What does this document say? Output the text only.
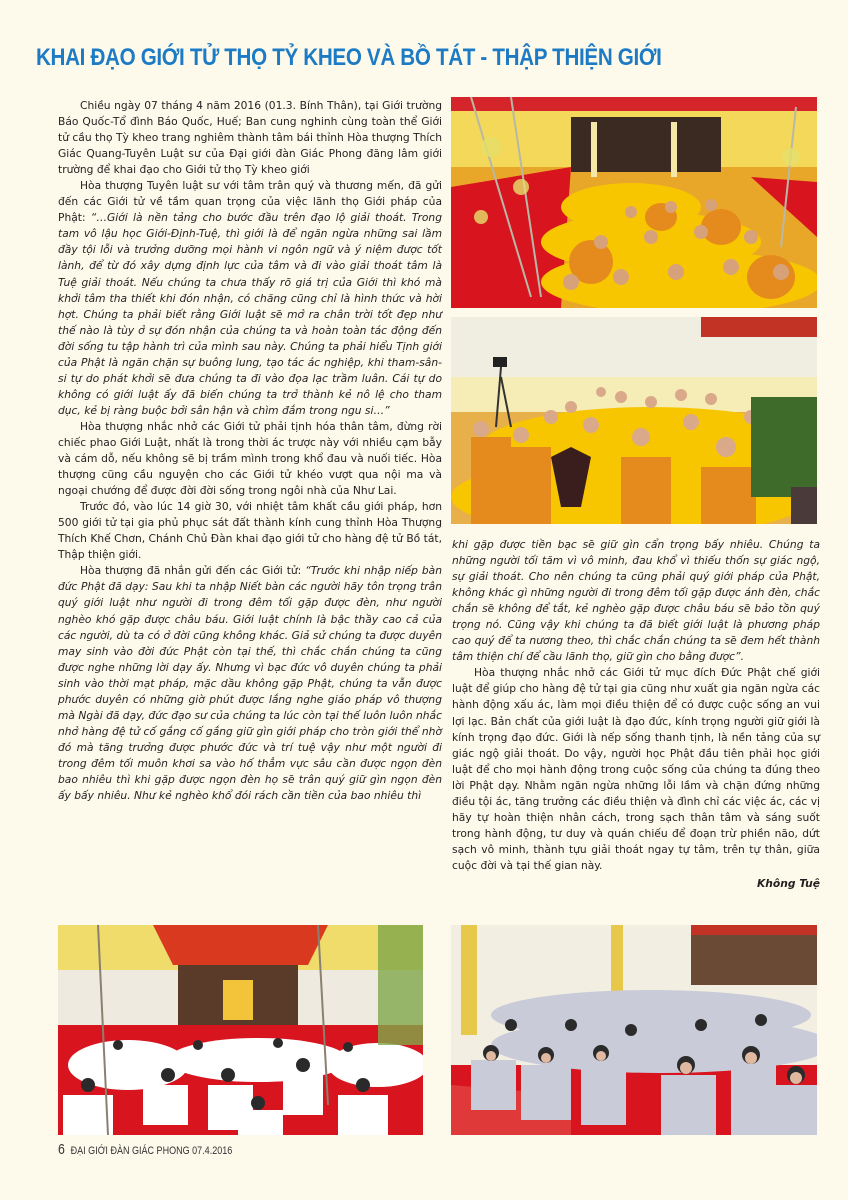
KHAI ĐẠO GIỚI TỬ THỌ TỶ KHEO VÀ BỒ TÁT - THẬP THIỆN GIỚI

Chiều ngày 07 tháng 4 năm 2016 (01.3. Bính Thân), tại Giới trường Báo Quốc-Tổ đình Báo Quốc, Huế; Ban cung nghinh cùng toàn thể Giới tử cầu thọ Tỳ kheo trang nghiêm thành tâm bái thỉnh Hòa thượng Thích Giác Quang-Tuyên Luật sư của Đại giới đàn Giác Phong đăng lâm giới trường để khai đạo cho Giới tử thọ Tỳ kheo giới

Hòa thượng Tuyên luật sư với tâm trân quý và thương mến, đã gửi đến các Giới tử về tầm quan trọng của việc lãnh thọ Giới pháp của Phật: “…Giới là nền tảng cho bước đầu trên đạo lộ giải thoát. Trong tam vô lậu học Giới-Định-Tuệ, thì giới là để ngăn ngừa những sai lầm đầy tội lỗi và trưởng dưỡng mọi hành vi ngôn ngữ và ý niệm được tốt lành, để từ đó xây dựng định lực của tâm và đi vào giải thoát tâm là Tuệ giải thoát. Nếu chúng ta chưa thấy rõ giá trị của Giới thì khó mà khởi tâm tha thiết khi đón nhận, có chăng cũng chỉ là hình thức và hời hợt. Chúng ta phải biết rằng Giới luật sẽ mở ra chân trời tốt đẹp như thế nào là tùy ở sự đón nhận của chúng ta và hoàn toàn tác động đến đời sống tu tập hành trì của mình sau này. Chúng ta phải hiểu Tịnh giới của Phật là ngăn chặn sự buông lung, tạo tác ác nghiệp, khi tham-sân-si tự do phát khởi sẽ đưa chúng ta đi vào đọa lạc trầm luân. Cái tự do không có giới luật ấy đã biến chúng ta trở thành kẻ nô lệ cho tham dục, kẻ bị ràng buộc bởi sân hận và chìm đắm trong ngu si…”

Hòa thượng nhắc nhở các Giới tử phải tịnh hóa thân tâm, đừng rời chiếc phao Giới Luật, nhất là trong thời ác trược này với nhiều cạm bẫy và cám dỗ, nếu không sẽ bị trầm mình trong khổ đau và nuối tiếc. Hòa thượng cũng cầu nguyện cho các Giới tử khéo vượt qua nội ma và ngoại chướng để được đời đời sống trong ngôi nhà của Như Lai.

Trước đó, vào lúc 14 giờ 30, với nhiệt tâm khất cầu giới pháp, hơn 500 giới tử tại gia phủ phục sát đất thành kính cung thỉnh Hòa Thượng Thích Khế Chơn, Chánh Chủ Đàn khai đạo giới tử cho hàng đệ tử Bồ tát, Thập thiện giới.

Hòa thượng đã nhắn gửi đến các Giới tử: “Trước khi nhập niếp bàn đức Phật đã dạy: Sau khi ta nhập Niết bàn các người hãy tôn trọng trân quý giới luật như người đi trong đêm tối gặp được đèn, như người nghèo khó gặp được châu báu. Giới luật chính là bậc thầy cao cả của các người, dù ta có ở đời cũng không khác. Giả sử chúng ta được duyên may sinh vào đời đức Phật còn tại thế, thì chắc chắn chúng ta cũng được nghe những lời dạy ấy. Nhưng vì bạc đức vô duyên chúng ta phải sinh vào thời mạt pháp, mặc dầu không gặp Phật, chúng ta vẫn được phước duyên có những giờ phút được lắng nghe giáo pháp vô thượng mà Ngài đã dạy, đức đạo sư của chúng ta lúc còn tại thế luôn luôn nhắc nhở hàng đệ tử cố gắng cố gắng giữ gìn giới pháp cho tròn giới thể nhờ đó mà tăng trưởng được phước đức và trí tuệ vậy như một người đi trong đêm tối muôn khơi sa vào hố thẳm vực sâu cần được ngọn đèn bao nhiêu thì khi gặp được ngọn đèn họ sẽ trân quý giữ gìn ngọn đèn ấy bấy nhiêu. Như kẻ nghèo khổ đói rách cần tiền của bao nhiêu thì

khi gặp được tiền bạc sẽ giữ gìn cẩn trọng bấy nhiêu. Chúng ta những người tối tăm vì vô minh, đau khổ vì thiếu thốn sự giác ngộ, sự giải thoát. Cho nên chúng ta cũng phải quý giới pháp của Phật, không khác gì những người đi trong đêm tối gặp được ánh đèn, chắc chắn sẽ không để tắt, kẻ nghèo gặp được châu báu sẽ bảo tồn quý trọng nó. Cũng vậy khi chúng ta đã biết giới luật là phương pháp cao quý để ta nương theo, thì chắc chắn chúng ta sẽ đem hết thành tâm thiện chí để cầu lãnh thọ, giữ gìn cho bằng được”.

Hòa thượng nhắc nhở các Giới tử mục đích Đức Phật chế giới luật để giúp cho hàng đệ tử tại gia cũng như xuất gia ngăn ngừa các hành động xấu ác, làm mọi điều thiện để có được cuộc sống an vui lợi lạc. Bản chất của giới luật là đạo đức, kính trọng người giữ giới là kính trọng đạo đức. Giới là nếp sống thanh tịnh, là nền tảng của sự giác ngộ giải thoát. Do vậy, người học Phật đầu tiên phải học giới luật để cho mọi hành động trong cuộc sống của chúng ta đúng theo lời Phật dạy. Nhằm ngăn ngừa những lỗi lầm và chặn đứng những điều tội ác, tăng trưởng các điều thiện và đình chỉ các việc ác, các vị hãy tự hoàn thiện nhân cách, trong sạch thân tâm và sáng suốt trong hành động, tư duy và quán chiếu để đoạn trừ phiền não, dứt sạch vô minh, thành tựu giải thoát ngay tự tâm, trên tự thân, giữa cuộc đời và tại thế gian này.

Không Tuệ
6 ĐẠI GIỚI ĐÀN GIÁC PHONG 07.4.2016
